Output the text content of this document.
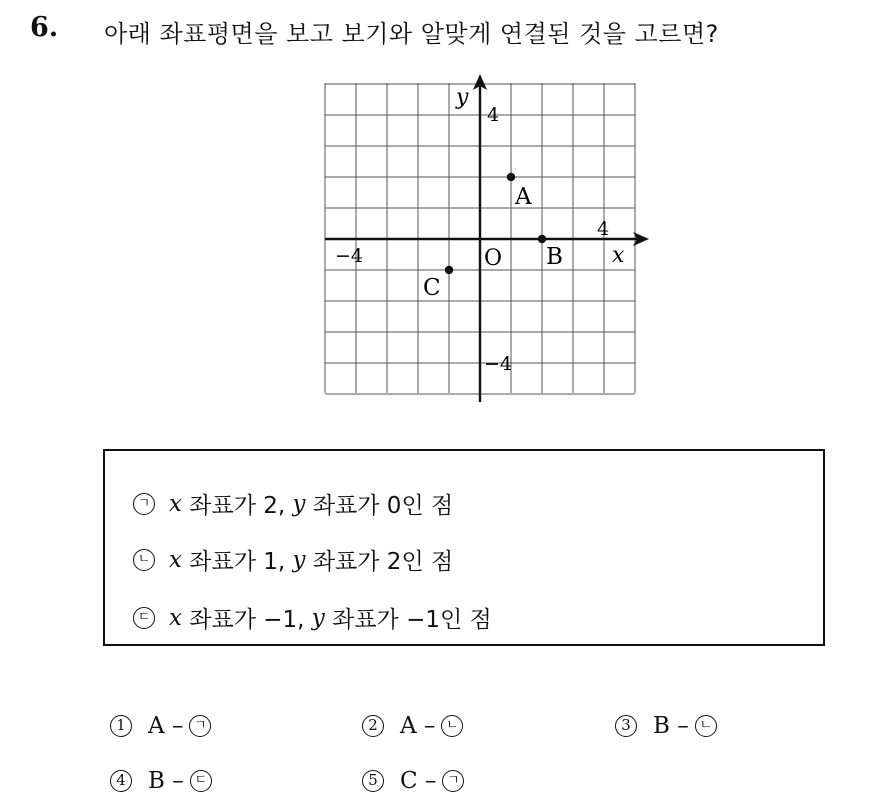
6. 아래 좌표평면을 보고 보기와 알맞게 연결된 것을 고르면?
y
x
O
4
−4
4
−4
A
B
C
ㄱ x 좌표가 2, y 좌표가 0인 점
ㄴ x 좌표가 1, y 좌표가 2인 점
ㄷ x 좌표가 −1, y 좌표가 −1인 점
1 A – ㄱ	2 A – ㄴ	3 B – ㄴ
4 B – ㄷ	5 C – ㄱ
